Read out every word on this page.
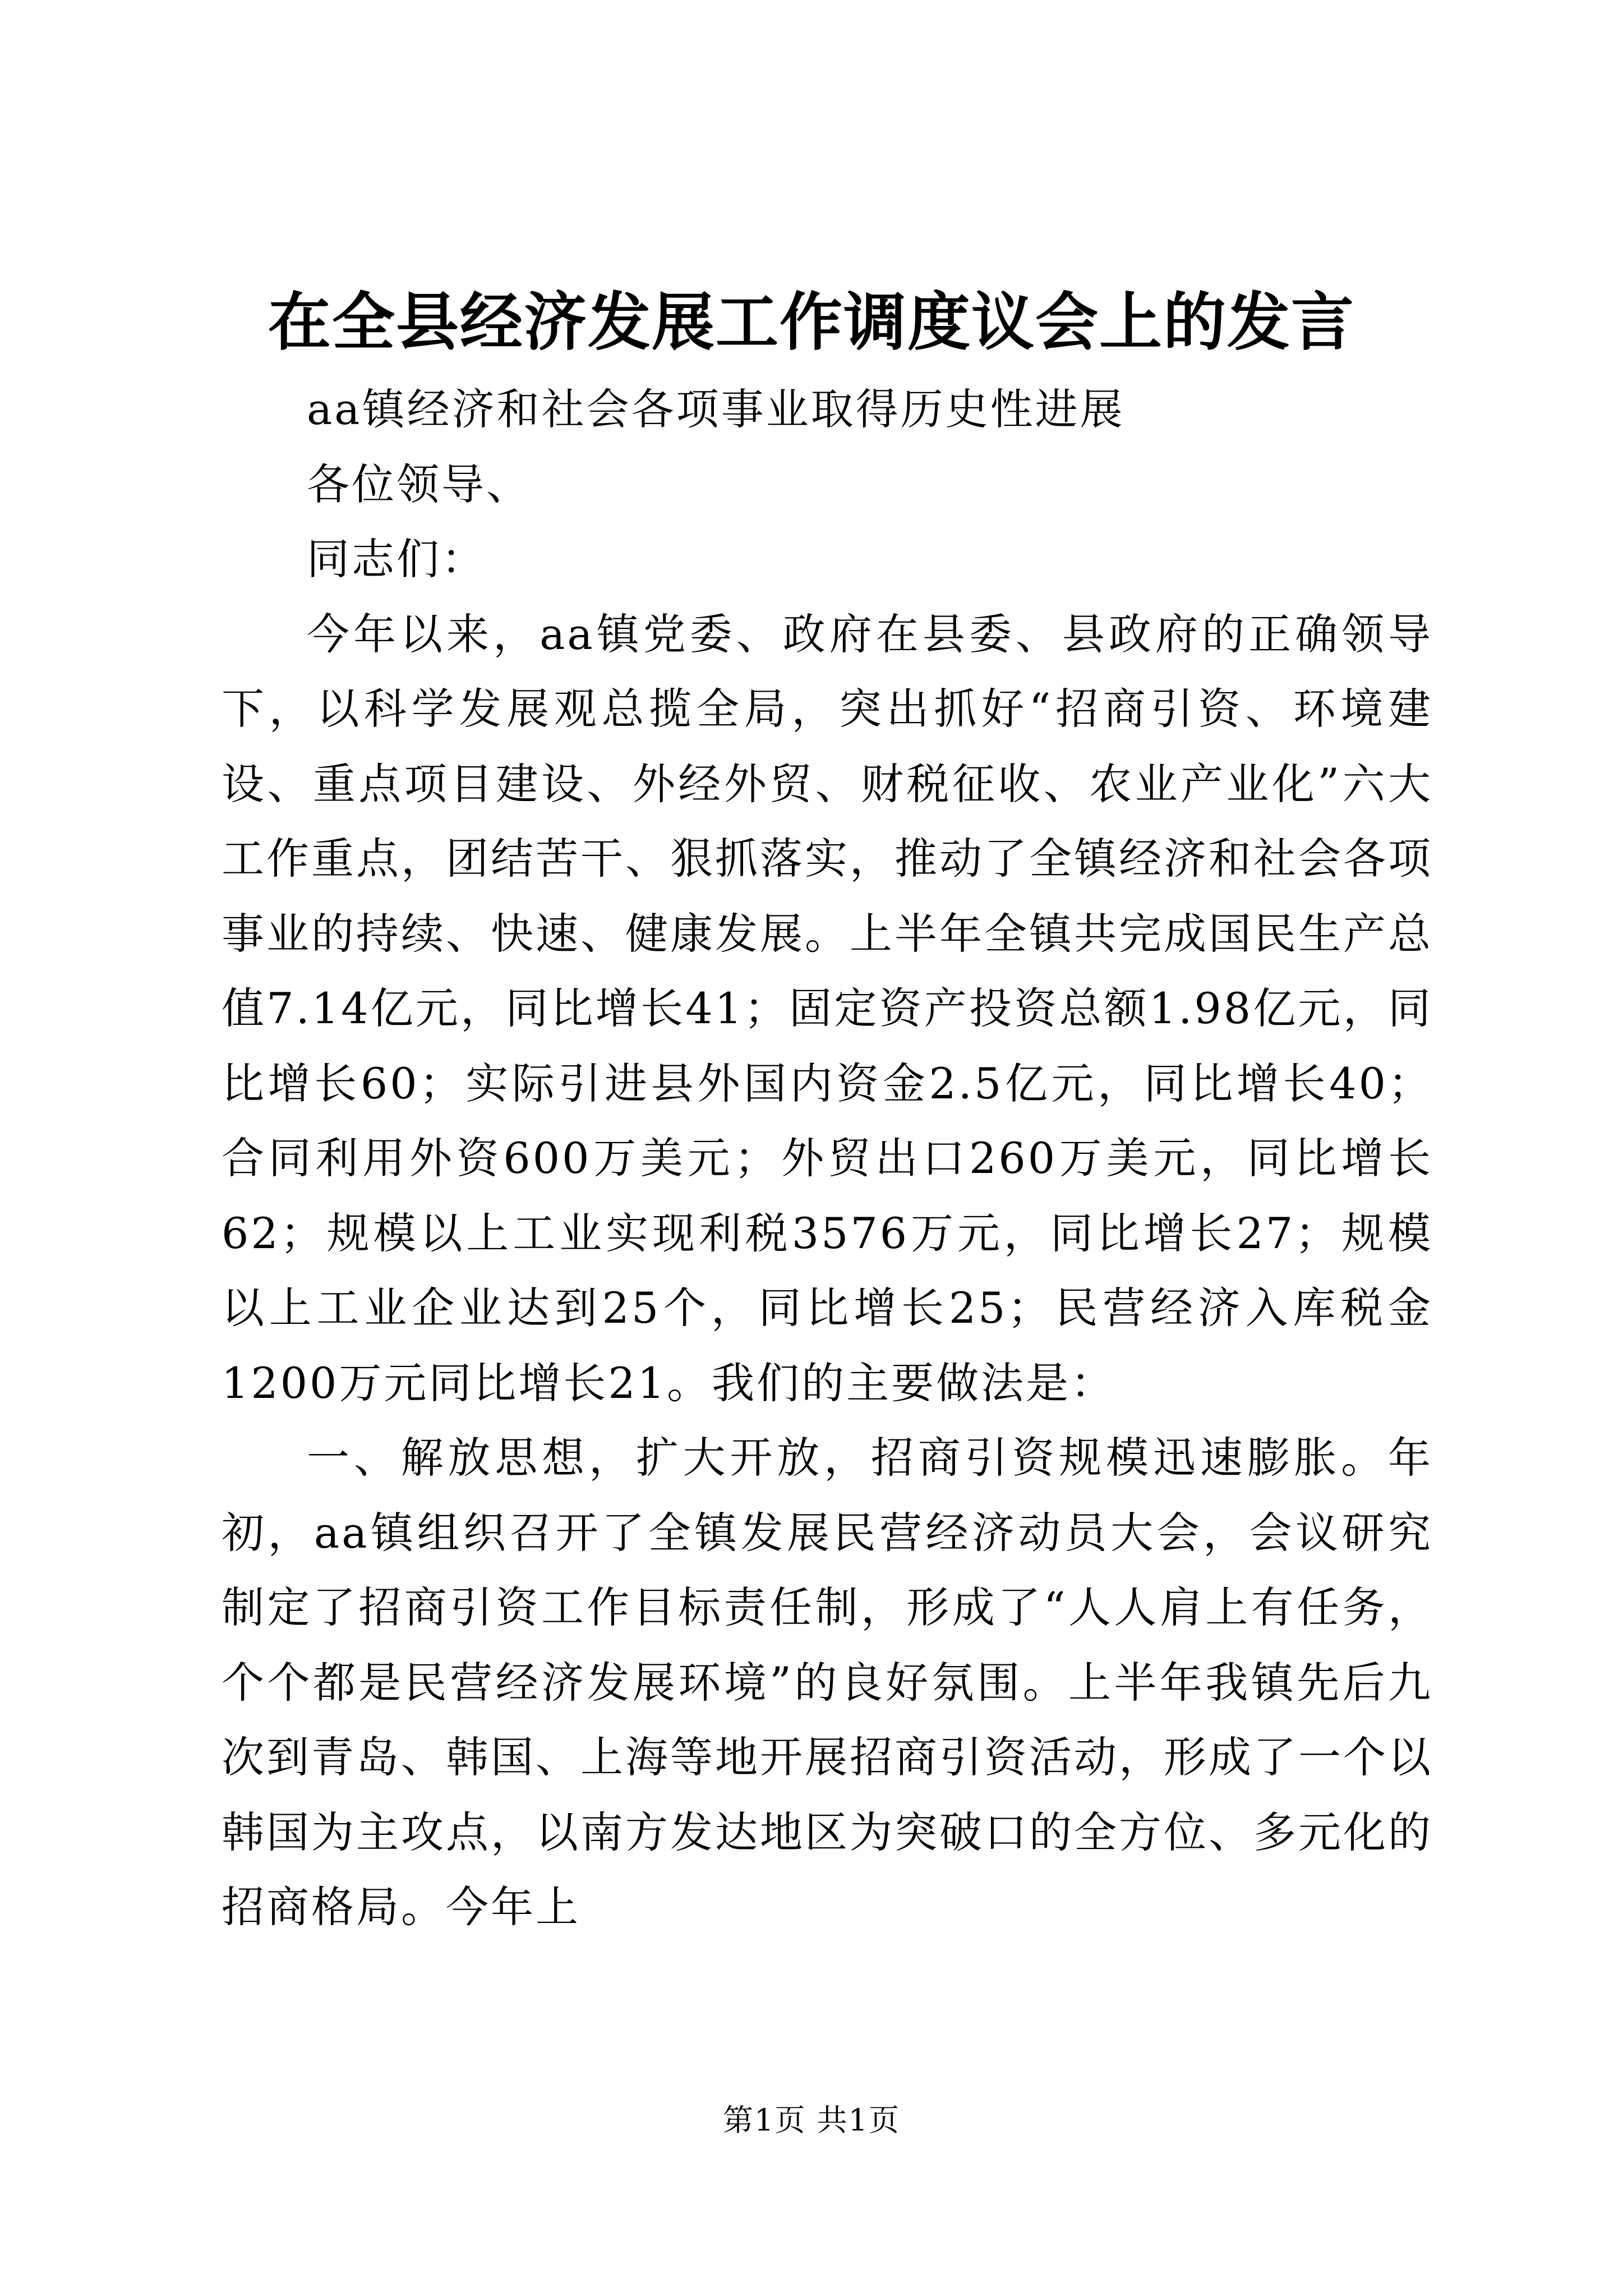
在全县经济发展工作调度议会上的发言

aa镇经济和社会各项事业取得历史性进展

各位领导、

同志们：

今年以来，aa镇党委、政府在县委、县政府的正确领导下，以科学发展观总揽全局，突出抓好“招商引资、环境建设、重点项目建设、外经外贸、财税征收、农业产业化”六大工作重点，团结苦干、狠抓落实，推动了全镇经济和社会各项事业的持续、快速、健康发展。上半年全镇共完成国民生产总值7.14亿元，同比增长41；固定资产投资总额1.98亿元，同比增长60；实际引进县外国内资金2.5亿元，同比增长40；合同利用外资600万美元；外贸出口260万美元，同比增长62；规模以上工业实现利税3576万元，同比增长27；规模以上工业企业达到25个，同比增长25；民营经济入库税金1200万元同比增长21。我们的主要做法是：

一、解放思想，扩大开放，招商引资规模迅速膨胀。年初，aa镇组织召开了全镇发展民营经济动员大会，会议研究制定了招商引资工作目标责任制，形成了“人人肩上有任务，个个都是民营经济发展环境”的良好氛围。上半年我镇先后九次到青岛、韩国、上海等地开展招商引资活动，形成了一个以韩国为主攻点，以南方发达地区为突破口的全方位、多元化的招商格局。今年上

第1页 共1页
